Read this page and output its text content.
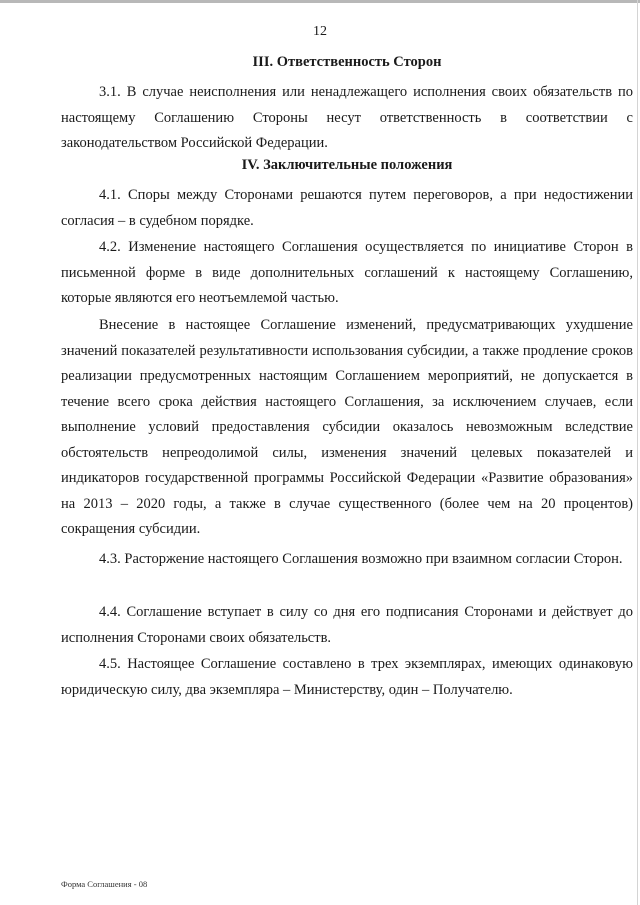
12
III. Ответственность Сторон

3.1. В случае неисполнения или ненадлежащего исполнения своих обязательств по настоящему Соглашению Стороны несут ответственность в соответствии с законодательством Российской Федерации.

IV. Заключительные положения

4.1. Споры между Сторонами решаются путем переговоров, а при недостижении согласия – в судебном порядке.

4.2. Изменение настоящего Соглашения осуществляется по инициативе Сторон в письменной форме в виде дополнительных соглашений к настоящему Соглашению, которые являются его неотъемлемой частью.

Внесение в настоящее Соглашение изменений, предусматривающих ухудшение значений показателей результативности использования субсидии, а также продление сроков реализации предусмотренных настоящим Соглашением мероприятий, не допускается в течение всего срока действия настоящего Соглашения, за исключением случаев, если выполнение условий предоставления субсидии оказалось невозможным вследствие обстоятельств непреодолимой силы, изменения значений целевых показателей и индикаторов государственной программы Российской Федерации «Развитие образования» на 2013 – 2020 годы, а также в случае существенного (более чем на 20 процентов) сокращения субсидии.

4.3. Расторжение настоящего Соглашения возможно при взаимном согласии Сторон.

4.4. Соглашение вступает в силу со дня его подписания Сторонами и действует до исполнения Сторонами своих обязательств.

4.5. Настоящее Соглашение составлено в трех экземплярах, имеющих одинаковую юридическую силу, два экземпляра – Министерству, один – Получателю.

Форма Соглашения - 08
